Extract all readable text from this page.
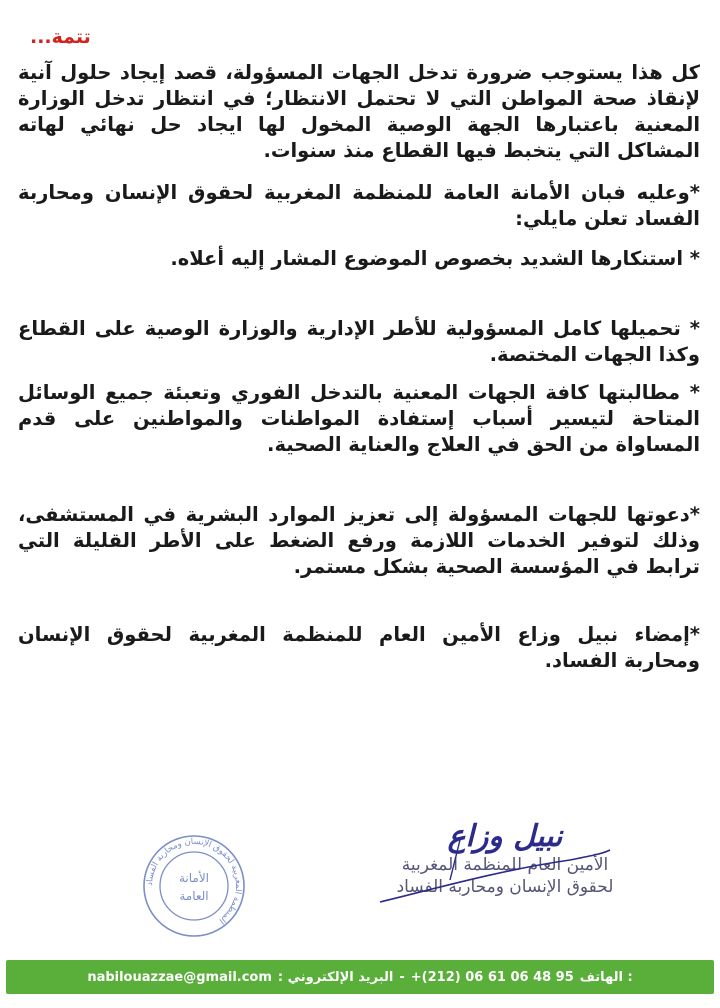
تتمة...

كل هذا يستوجب ضرورة تدخل الجهات المسؤولة، قصد إيجاد حلول آنية لإنقاذ صحة المواطن التي لا تحتمل الانتظار؛ في انتظار تدخل الوزارة المعنية باعتبارها الجهة الوصية المخول لها ايجاد حل نهائي لهاته المشاكل التي يتخبط فيها القطاع منذ سنوات.

*وعليه فبان الأمانة العامة للمنظمة المغربية لحقوق الإنسان ومحاربة الفساد تعلن مايلي:

* استنكارها الشديد بخصوص الموضوع المشار إليه أعلاه.

* تحميلها كامل المسؤولية للأطر الإدارية والوزارة الوصية على القطاع وكذا الجهات المختصة.

* مطالبتها كافة الجهات المعنية بالتدخل الفوري وتعبئة جميع الوسائل المتاحة لتيسير أسباب إستفادة المواطنات والمواطنين على قدم المساواة من الحق في العلاج والعناية الصحية.

*دعوتها للجهات المسؤولة إلى تعزيز الموارد البشرية في المستشفى، وذلك لتوفير الخدمات اللازمة ورفع الضغط على الأطر القليلة التي ترابط في المؤسسة الصحية بشكل مستمر.

*إمضاء نبيل وزاع الأمين العام للمنظمة المغربية لحقوق الإنسان ومحاربة الفساد.

المنظمة المغربية لحقوق الإنسان ومحاربة الفساد
الأمانة
العامة
نبيل وزاع
الأمين العام للمنظمة المغربية
لحقوق الإنسان ومحاربة الفساد
nabilouazzae@gmail.com : البريد الإلكتروني - +(212) 06 61 06 48 95 الهاتف :
